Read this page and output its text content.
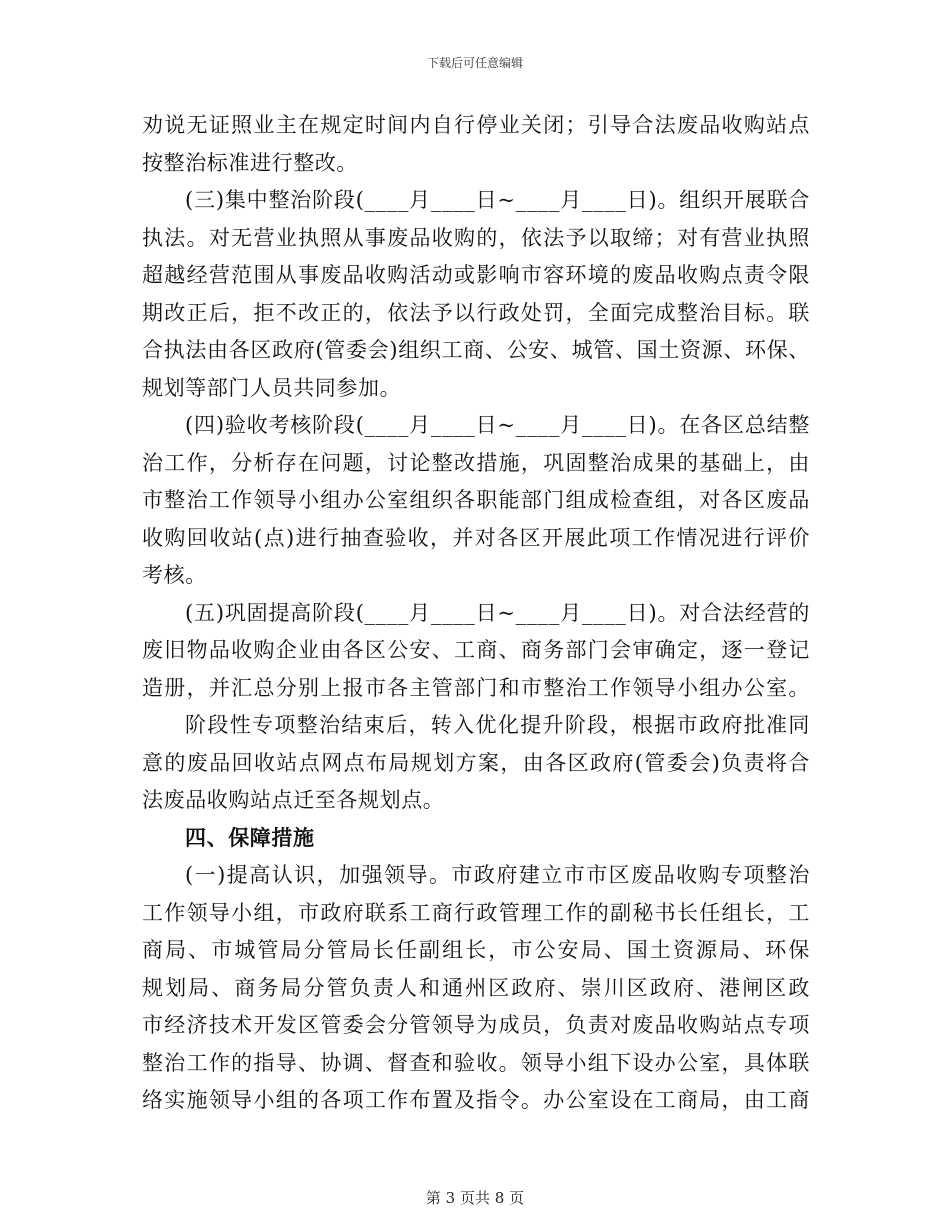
下载后可任意编辑
劝说无证照业主在规定时间内自行停业关闭；引导合法废品收购站点
按整治标准进行整改。
(三)集中整治阶段(____月____日~____月____日)。组织开展联合
执法。对无营业执照从事废品收购的，依法予以取缔；对有营业执照
超越经营范围从事废品收购活动或影响市容环境的废品收购点责令限
期改正后，拒不改正的，依法予以行政处罚，全面完成整治目标。联
合执法由各区政府(管委会)组织工商、公安、城管、国土资源、环保、
规划等部门人员共同参加。
(四)验收考核阶段(____月____日~____月____日)。在各区总结整
治工作，分析存在问题，讨论整改措施，巩固整治成果的基础上，由
市整治工作领导小组办公室组织各职能部门组成检查组，对各区废品
收购回收站(点)进行抽查验收，并对各区开展此项工作情况进行评价
考核。
(五)巩固提高阶段(____月____日~____月____日)。对合法经营的
废旧物品收购企业由各区公安、工商、商务部门会审确定，逐一登记
造册，并汇总分别上报市各主管部门和市整治工作领导小组办公室。
阶段性专项整治结束后，转入优化提升阶段，根据市政府批准同
意的废品回收站点网点布局规划方案，由各区政府(管委会)负责将合
法废品收购站点迁至各规划点。
四、保障措施
(一)提高认识，加强领导。市政府建立市市区废品收购专项整治
工作领导小组，市政府联系工商行政管理工作的副秘书长任组长，工
商局、市城管局分管局长任副组长，市公安局、国土资源局、环保
规划局、商务局分管负责人和通州区政府、崇川区政府、港闸区政
市经济技术开发区管委会分管领导为成员，负责对废品收购站点专项
整治工作的指导、协调、督查和验收。领导小组下设办公室，具体联
络实施领导小组的各项工作布置及指令。办公室设在工商局，由工商
第 3 页共 8 页
